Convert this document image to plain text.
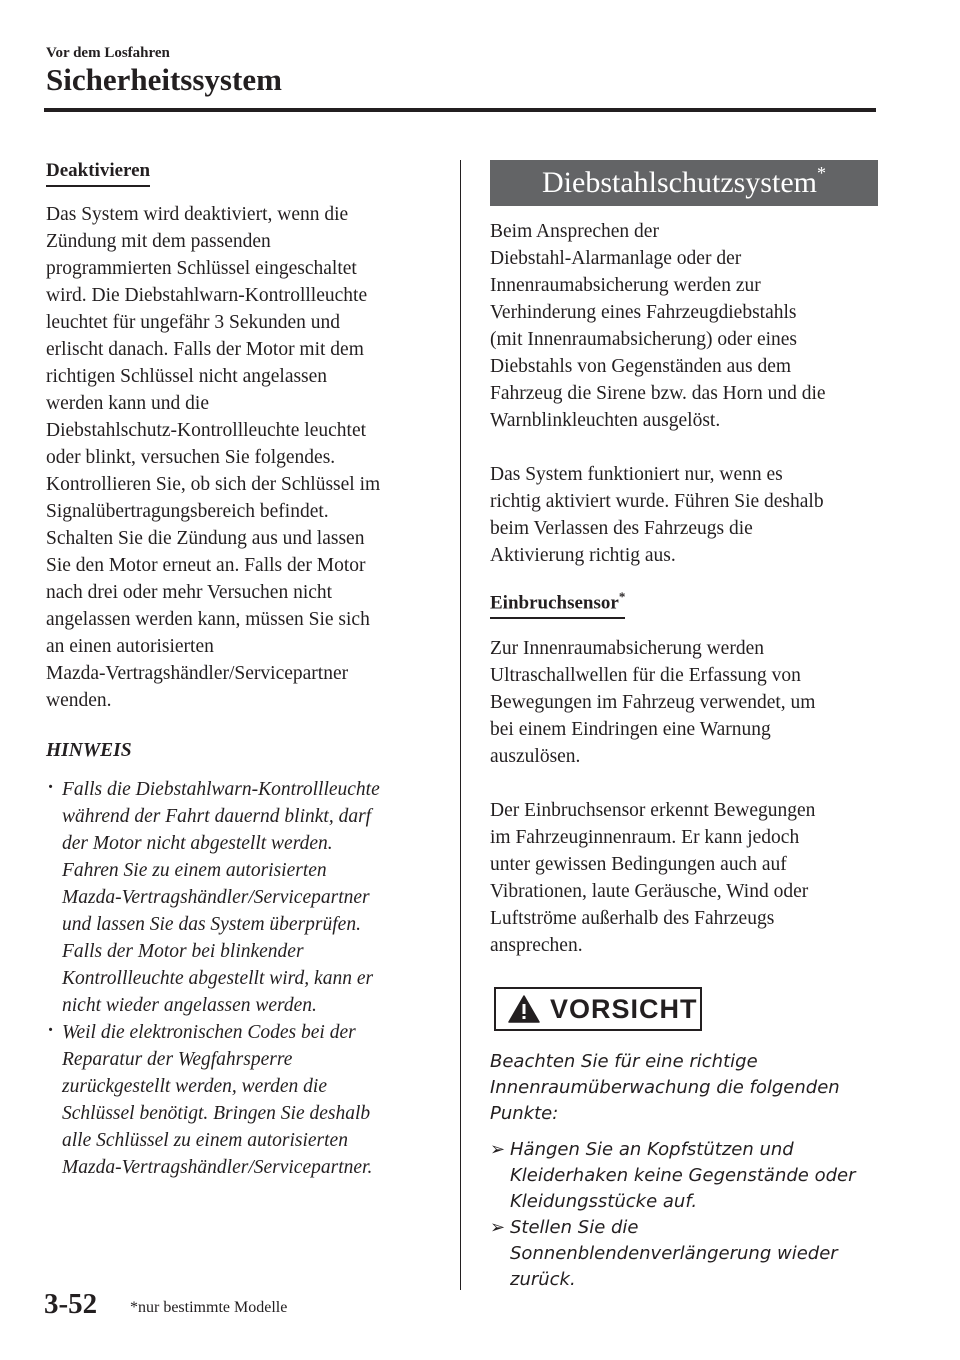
Vor dem Losfahren
Sicherheitssystem
Deaktivieren

Das System wird deaktiviert, wenn die

Zündung mit dem passenden

programmierten Schlüssel eingeschaltet

wird. Die Diebstahlwarn-Kontrollleuchte

leuchtet für ungefähr 3 Sekunden und

erlischt danach. Falls der Motor mit dem

richtigen Schlüssel nicht angelassen

werden kann und die

Diebstahlschutz-Kontrollleuchte leuchtet

oder blinkt, versuchen Sie folgendes.

Kontrollieren Sie, ob sich der Schlüssel im

Signalübertragungsbereich befindet.

Schalten Sie die Zündung aus und lassen

Sie den Motor erneut an. Falls der Motor

nach drei oder mehr Versuchen nicht

angelassen werden kann, müssen Sie sich

an einen autorisierten

Mazda-Vertragshändler/Servicepartner

wenden.

HINWEIS
· Falls die Diebstahlwarn-Kontrollleuchte
während der Fahrt dauernd blinkt, darf
der Motor nicht abgestellt werden.
Fahren Sie zu einem autorisierten
Mazda-Vertragshändler/Servicepartner
und lassen Sie das System überprüfen.
Falls der Motor bei blinkender
Kontrollleuchte abgestellt wird, kann er
nicht wieder angelassen werden.
· Weil die elektronischen Codes bei der
Reparatur der Wegfahrsperre
zurückgestellt werden, werden die
Schlüssel benötigt. Bringen Sie deshalb
alle Schlüssel zu einem autorisierten
Mazda-Vertragshändler/Servicepartner.
Diebstahlschutzsystem*

Beim Ansprechen der

Diebstahl-Alarmanlage oder der

Innenraumabsicherung werden zur

Verhinderung eines Fahrzeugdiebstahls

(mit Innenraumabsicherung) oder eines

Diebstahls von Gegenständen aus dem

Fahrzeug die Sirene bzw. das Horn und die

Warnblinkleuchten ausgelöst.

Das System funktioniert nur, wenn es

richtig aktiviert wurde. Führen Sie deshalb

beim Verlassen des Fahrzeugs die

Aktivierung richtig aus.

Einbruchsensor*

Zur Innenraumabsicherung werden

Ultraschallwellen für die Erfassung von

Bewegungen im Fahrzeug verwendet, um

bei einem Eindringen eine Warnung

auszulösen.

Der Einbruchsensor erkennt Bewegungen

im Fahrzeuginnenraum. Er kann jedoch

unter gewissen Bedingungen auch auf

Vibrationen, laute Geräusche, Wind oder

Luftströme außerhalb des Fahrzeugs

ansprechen.

VORSICHT
Beachten Sie für eine richtige
Innenraumüberwachung die folgenden
Punkte:
➢ Hängen Sie an Kopfstützen und
Kleiderhaken keine Gegenstände oder
Kleidungsstücke auf.
➢ Stellen Sie die
Sonnenblendenverlängerung wieder
zurück.
3-52 *nur bestimmte Modelle
